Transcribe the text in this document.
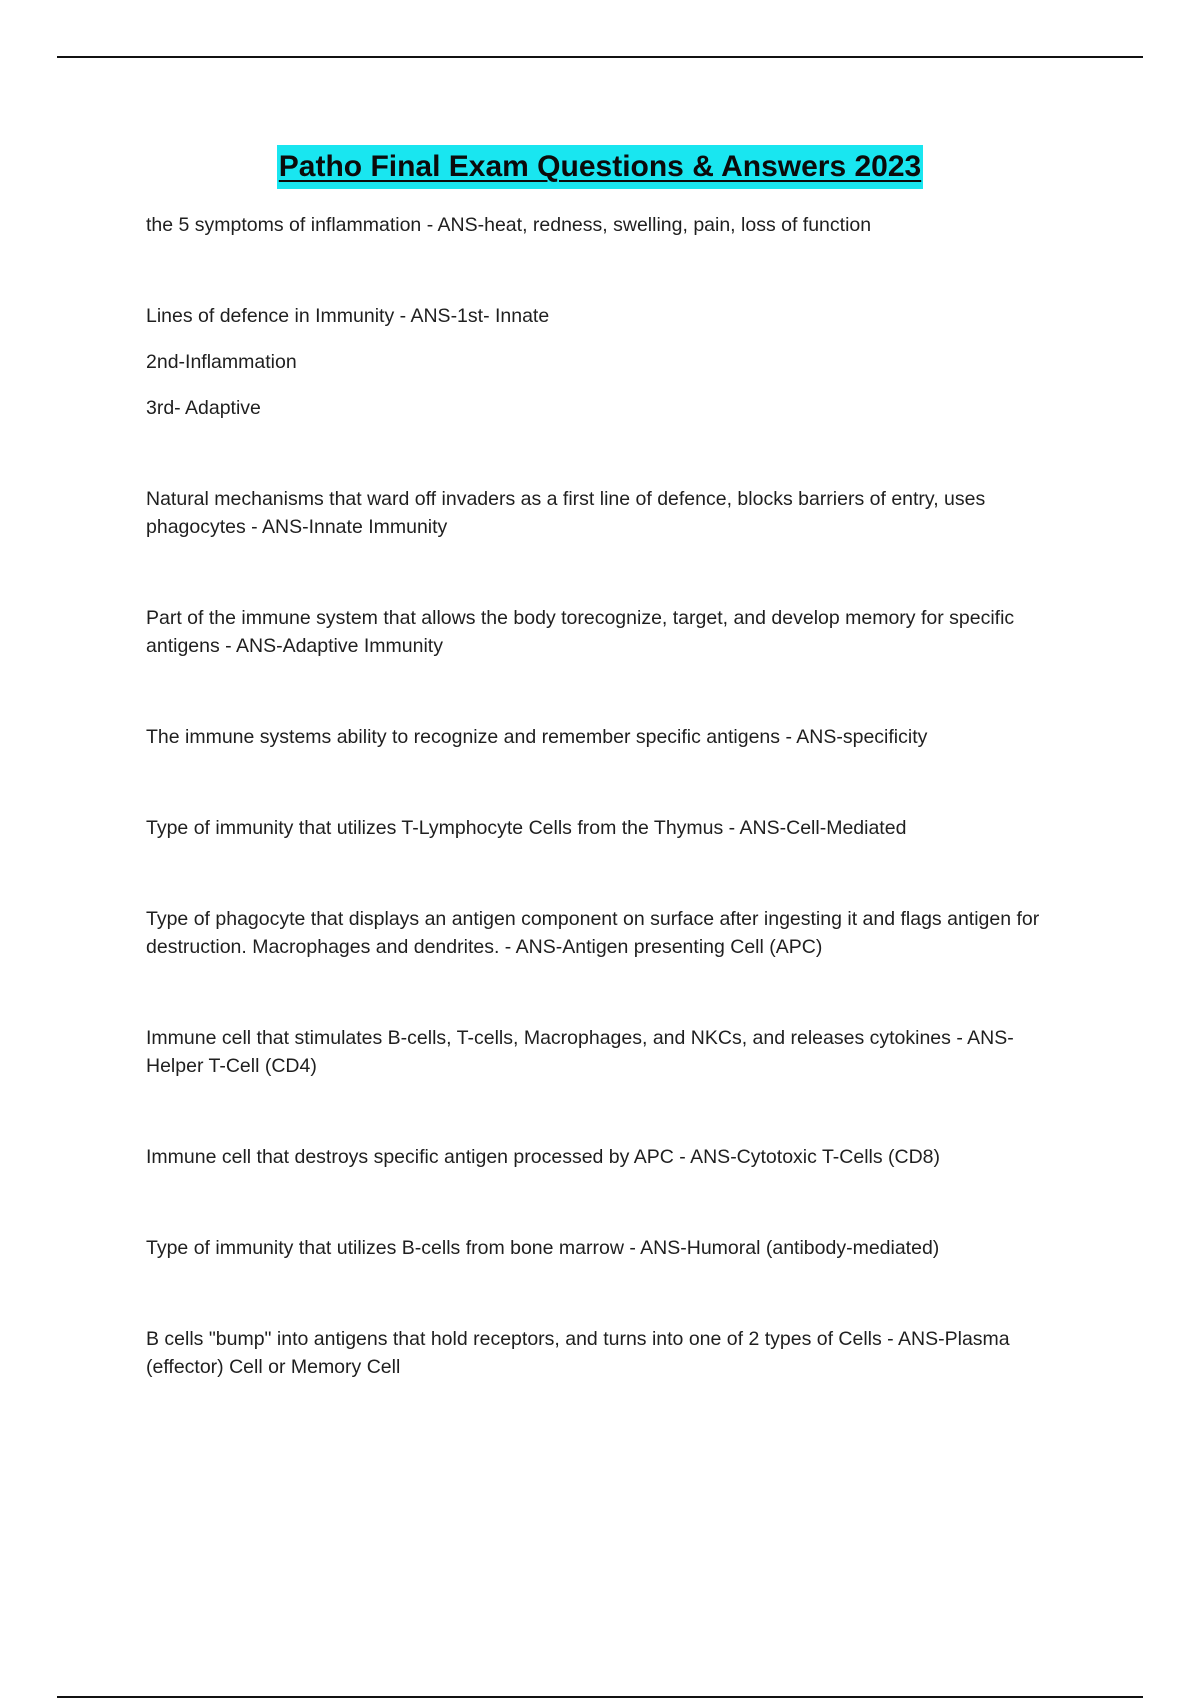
Patho Final Exam Questions & Answers 2023
the 5 symptoms of inflammation - ANS-heat, redness, swelling, pain, loss of function
Lines of defence in Immunity - ANS-1st- Innate
2nd-Inflammation
3rd- Adaptive
Natural mechanisms that ward off invaders as a first line of defence, blocks barriers of entry, uses
phagocytes - ANS-Innate Immunity
Part of the immune system that allows the body torecognize, target, and develop memory for specific
antigens - ANS-Adaptive Immunity
The immune systems ability to recognize and remember specific antigens - ANS-specificity
Type of immunity that utilizes T-Lymphocyte Cells from the Thymus - ANS-Cell-Mediated
Type of phagocyte that displays an antigen component on surface after ingesting it and flags antigen for
destruction. Macrophages and dendrites. - ANS-Antigen presenting Cell (APC)
Immune cell that stimulates B-cells, T-cells, Macrophages, and NKCs, and releases cytokines - ANS-
Helper T-Cell (CD4)
Immune cell that destroys specific antigen processed by APC - ANS-Cytotoxic T-Cells (CD8)
Type of immunity that utilizes B-cells from bone marrow - ANS-Humoral (antibody-mediated)
B cells "bump" into antigens that hold receptors, and turns into one of 2 types of Cells - ANS-Plasma
(effector) Cell or Memory Cell
